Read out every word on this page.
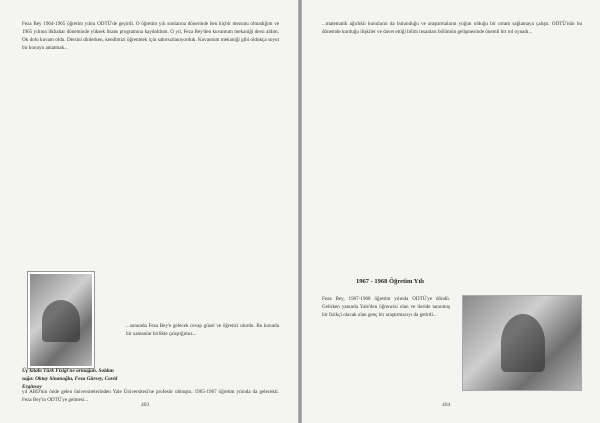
Feza Bey 1964-1965 öğretim yılını ODTÜ'de geçirdi. O öğretim yılı sonlarına dönerinde ben hiçbir mezunu olmadığım ve 1965 yılının ilkbahar döneminde yüksek lisans programına kaydoldum. O yıl, Feza Bey'den kuvantum mekaniği dersi aldım. Ok dolu kuvam oldu. Dersini dinlerken, kendimizi öğrenmek için sabırsızlanıyorduk. Kuvantum mekaniği gibi oldukça soyut bir konuyu anlatmak...
...sonunda Feza Bey'e gelecek cevap güzel ve öğretici olurdu. Bu konuda bir zamanlar birlikte çalıştığımız...
Üç kitabı Türk Fiziği'ne armağan. Soldan sağa: Oktay Sinanoğlu, Feza Gürsey, Cavid Erginsoy
yıl ABD'nin önde gelen üniversitelerinden Yale Üniversitesi'ne profesör olmuştu. 1965-1967 öğretim yılında da gelecekti. Feza Bey'in ODTÜ'ye gelmesi...
403
...matematik ağırlıklı konuların da bulunduğu ve araştırmaların yoğun olduğu bir ortam sağlamaya çalıştı. ODTÜ'nün bu dönemde kurduğu ilişkiler ve davet ettiği bilim insanları bölümün gelişmesinde önemli bir rol oynadı...
1967 - 1968 Öğretim Yılı
Feza Bey, 1967-1968 öğretim yılında ODTÜ'ye döndü. Gelirken yanında Yale'den öğrencisi olan ve ileride tanınmış bir fizikçi olacak olan genç bir araştırmacıyı da getirdi...
404
